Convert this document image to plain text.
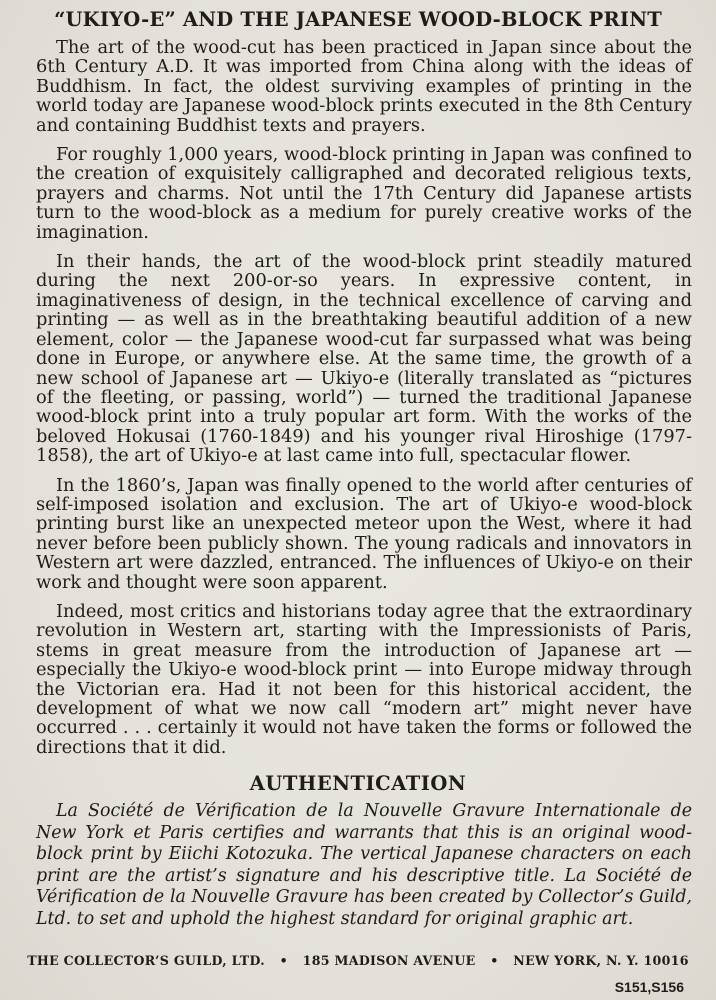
“UKIYO-E” AND THE JAPANESE WOOD-BLOCK PRINT

The art of the wood-cut has been practiced in Japan since about the 6th Century A.D. It was imported from China along with the ideas of Buddhism. In fact, the oldest surviving examples of printing in the world today are Japanese wood-block prints executed in the 8th Century and containing Buddhist texts and prayers.

For roughly 1,000 years, wood-block printing in Japan was confined to the creation of exquisitely calligraphed and decorated religious texts, prayers and charms. Not until the 17th Century did Japanese artists turn to the wood-block as a medium for purely creative works of the imagination.

In their hands, the art of the wood-block print steadily matured during the next 200-or-so years. In expressive content, in imaginativeness of design, in the technical excellence of carving and printing — as well as in the breathtaking beautiful addition of a new element, color — the Japanese wood-cut far surpassed what was being done in Europe, or anywhere else. At the same time, the growth of a new school of Japanese art — Ukiyo-e (literally translated as “pictures of the fleeting, or passing, world”) — turned the traditional Japanese wood-block print into a truly popular art form. With the works of the beloved Hokusai (1760-1849) and his younger rival Hiroshige (1797-1858), the art of Ukiyo-e at last came into full, spectacular flower.

In the 1860’s, Japan was finally opened to the world after centuries of self-imposed isolation and exclusion. The art of Ukiyo-e wood-block printing burst like an unexpected meteor upon the West, where it had never before been publicly shown. The young radicals and innovators in Western art were dazzled, entranced. The influences of Ukiyo-e on their work and thought were soon apparent.

Indeed, most critics and historians today agree that the extraordinary revolution in Western art, starting with the Impressionists of Paris, stems in great measure from the introduction of Japanese art — especially the Ukiyo-e wood-block print — into Europe midway through the Victorian era. Had it not been for this historical accident, the development of what we now call “modern art” might never have occurred . . . certainly it would not have taken the forms or followed the directions that it did.

AUTHENTICATION

La Société de Vérification de la Nouvelle Gravure Internationale de New York et Paris certifies and warrants that this is an original wood-block print by Eiichi Kotozuka. The vertical Japanese characters on each print are the artist’s signature and his descriptive title. La Société de Vérification de la Nouvelle Gravure has been created by Collector’s Guild, Ltd. to set and uphold the highest standard for original graphic art.

THE COLLECTOR’S GUILD, LTD. • 185 MADISON AVENUE • NEW YORK, N. Y. 10016
S151,S156
